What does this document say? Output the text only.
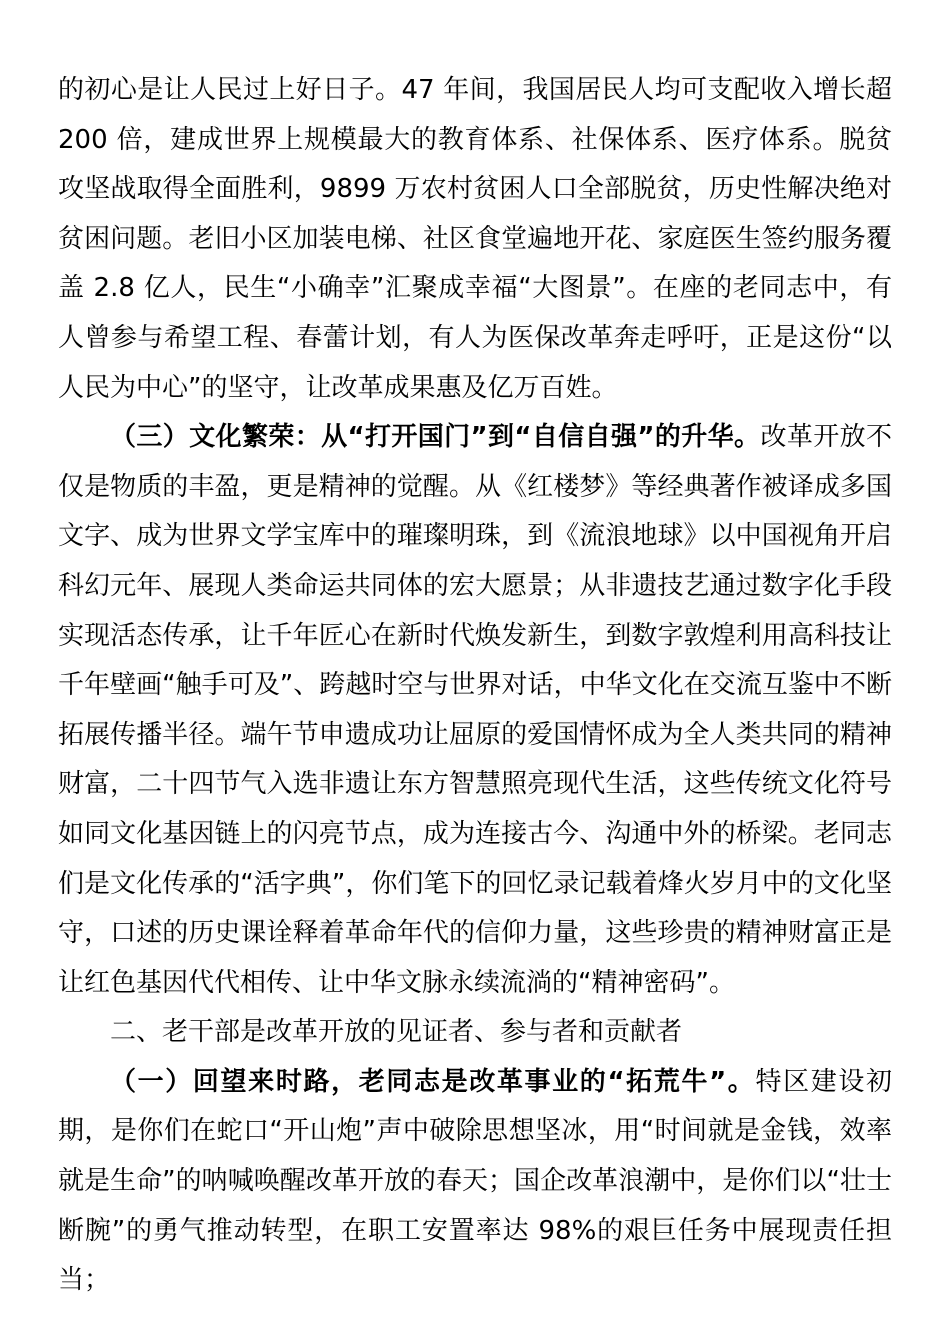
的初心是让人民过上好日子。47 年间，我国居民人均可支配收入增长超 200 倍，建成世界上规模最大的教育体系、社保体系、医疗体系。脱贫攻坚战取得全面胜利，9899 万农村贫困人口全部脱贫，历史性解决绝对贫困问题。老旧小区加装电梯、社区食堂遍地开花、家庭医生签约服务覆盖 2.8 亿人，民生“小确幸”汇聚成幸福“大图景”。在座的老同志中，有人曾参与希望工程、春蕾计划，有人为医保改革奔走呼吁，正是这份“以人民为中心”的坚守，让改革成果惠及亿万百姓。

（三）文化繁荣：从“打开国门”到“自信自强”的升华。改革开放不仅是物质的丰盈，更是精神的觉醒。从《红楼梦》等经典著作被译成多国文字、成为世界文学宝库中的璀璨明珠，到《流浪地球》以中国视角开启科幻元年、展现人类命运共同体的宏大愿景；从非遗技艺通过数字化手段实现活态传承，让千年匠心在新时代焕发新生，到数字敦煌利用高科技让千年壁画“触手可及”、跨越时空与世界对话，中华文化在交流互鉴中不断拓展传播半径。端午节申遗成功让屈原的爱国情怀成为全人类共同的精神财富，二十四节气入选非遗让东方智慧照亮现代生活，这些传统文化符号如同文化基因链上的闪亮节点，成为连接古今、沟通中外的桥梁。老同志们是文化传承的“活字典”，你们笔下的回忆录记载着烽火岁月中的文化坚守，口述的历史课诠释着革命年代的信仰力量，这些珍贵的精神财富正是让红色基因代代相传、让中华文脉永续流淌的“精神密码”。

二、老干部是改革开放的见证者、参与者和贡献者

（一）回望来时路，老同志是改革事业的“拓荒牛”。特区建设初期，是你们在蛇口“开山炮”声中破除思想坚冰，用“时间就是金钱，效率就是生命”的呐喊唤醒改革开放的春天；国企改革浪潮中，是你们以“壮士断腕”的勇气推动转型，在职工安置率达 98%的艰巨任务中展现责任担当；
